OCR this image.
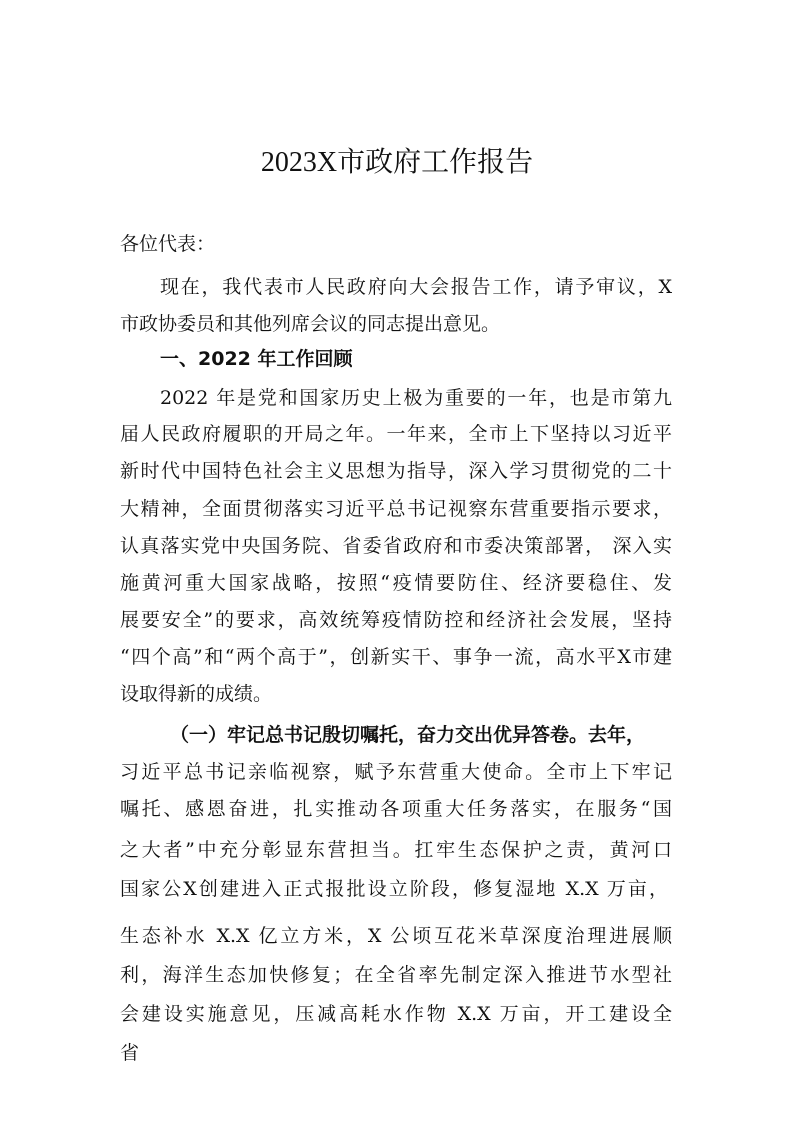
2023X市政府工作报告
各位代表：
现在，我代表市人民政府向大会报告工作，请予审议，X
市政协委员和其他列席会议的同志提出意见。
一、2022 年工作回顾
2022 年是党和国家历史上极为重要的一年，也是市第九
届人民政府履职的开局之年。一年来，全市上下坚持以习近平
新时代中国特色社会主义思想为指导，深入学习贯彻党的二十
大精神，全面贯彻落实习近平总书记视察东营重要指示要求，
认真落实党中央国务院、省委省政府和市委决策部署， 深入实
施黄河重大国家战略，按照“疫情要防住、经济要稳住、发
展要安全”的要求，高效统筹疫情防控和经济社会发展，坚持
“四个高”和“两个高于”，创新实干、事争一流，高水平X市建
设取得新的成绩。
（一）牢记总书记殷切嘱托，奋力交出优异答卷。去年，
习近平总书记亲临视察，赋予东营重大使命。全市上下牢记
嘱托、感恩奋进，扎实推动各项重大任务落实，在服务“国
之大者”中充分彰显东营担当。扛牢生态保护之责，黄河口
国家公X创建进入正式报批设立阶段，修复湿地 X.X 万亩，
生态补水 X.X 亿立方米，X 公顷互花米草深度治理进展顺
利，海洋生态加快修复；在全省率先制定深入推进节水型社
会建设实施意见，压减高耗水作物 X.X 万亩，开工建设全
省
